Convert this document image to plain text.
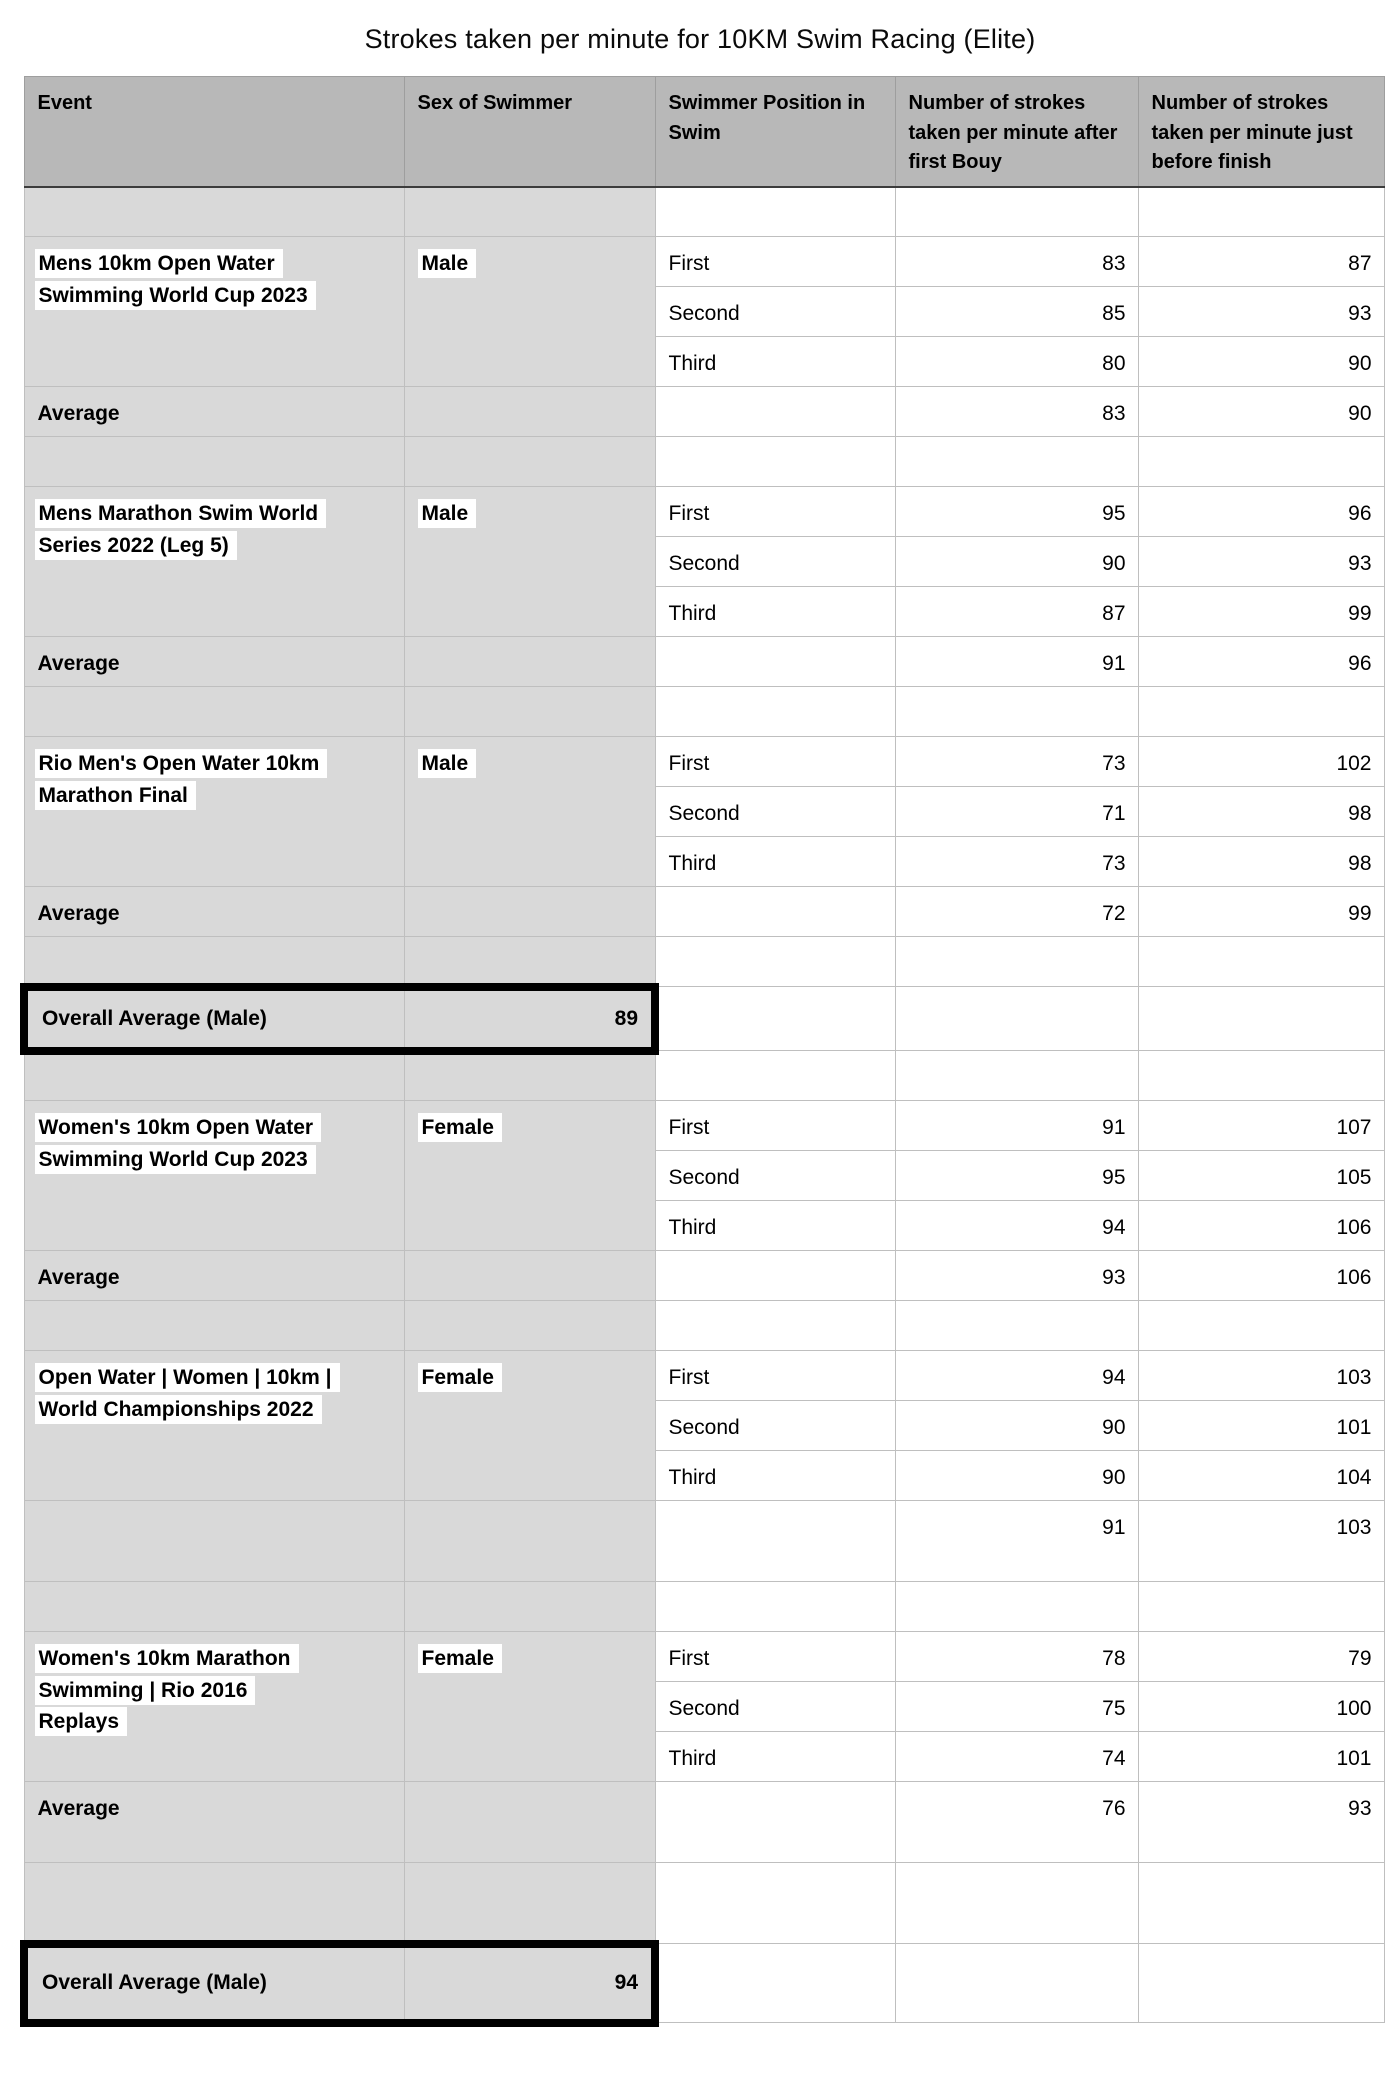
Strokes taken per minute for 10KM Swim Racing (Elite)
Event	Sex of Swimmer	Swimmer Position in Swim	Number of strokes taken per minute after first Bouy	Number of strokes taken per minute just before finish

Mens 10km Open Water Swimming World Cup 2023	Male	First	83	87
		Second	85	93
		Third	80	90
Average			83	90

Mens Marathon Swim World Series 2022 (Leg 5)	Male	First	95	96
		Second	90	93
		Third	87	99
Average			91	96

Rio Men's Open Water 10km Marathon Final	Male	First	73	102
		Second	71	98
		Third	73	98
Average			72	99

Overall Average (Male)	89			

Women's 10km Open Water Swimming World Cup 2023	Female	First	91	107
		Second	95	105
		Third	94	106
Average			93	106

Open Water | Women | 10km | World Championships 2022	Female	First	94	103
		Second	90	101
		Third	90	104
			91	103

Women's 10km Marathon Swimming | Rio 2016 Replays	Female	First	78	79
		Second	75	100
		Third	74	101
Average			76	93

Overall Average (Male)	94			
